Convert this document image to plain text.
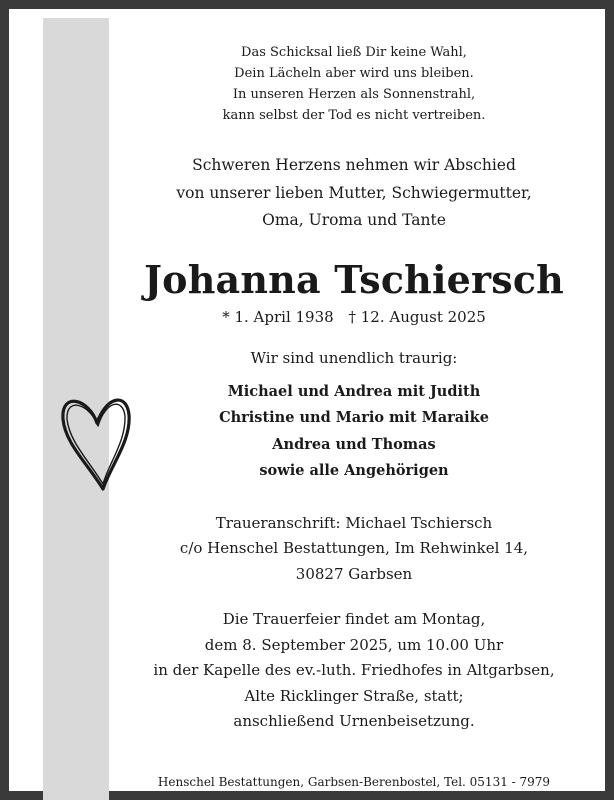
Das Schicksal ließ Dir keine Wahl,
Dein Lächeln aber wird uns bleiben.
In unseren Herzen als Sonnenstrahl,
kann selbst der Tod es nicht vertreiben.
Schweren Herzens nehmen wir Abschied
von unserer lieben Mutter, Schwiegermutter,
Oma, Uroma und Tante
Johanna Tschiersch
* 1. April 1938 † 12. August 2025
Wir sind unendlich traurig:
Michael und Andrea mit Judith
Christine und Mario mit Maraike
Andrea und Thomas
sowie alle Angehörigen
Traueranschrift: Michael Tschiersch
c/o Henschel Bestattungen, Im Rehwinkel 14,
30827 Garbsen
Die Trauerfeier findet am Montag,
dem 8. September 2025, um 10.00 Uhr
in der Kapelle des ev.-luth. Friedhofes in Altgarbsen,
Alte Ricklinger Straße, statt;
anschließend Urnenbeisetzung.
Henschel Bestattungen, Garbsen-Berenbostel, Tel. 05131 - 7979
